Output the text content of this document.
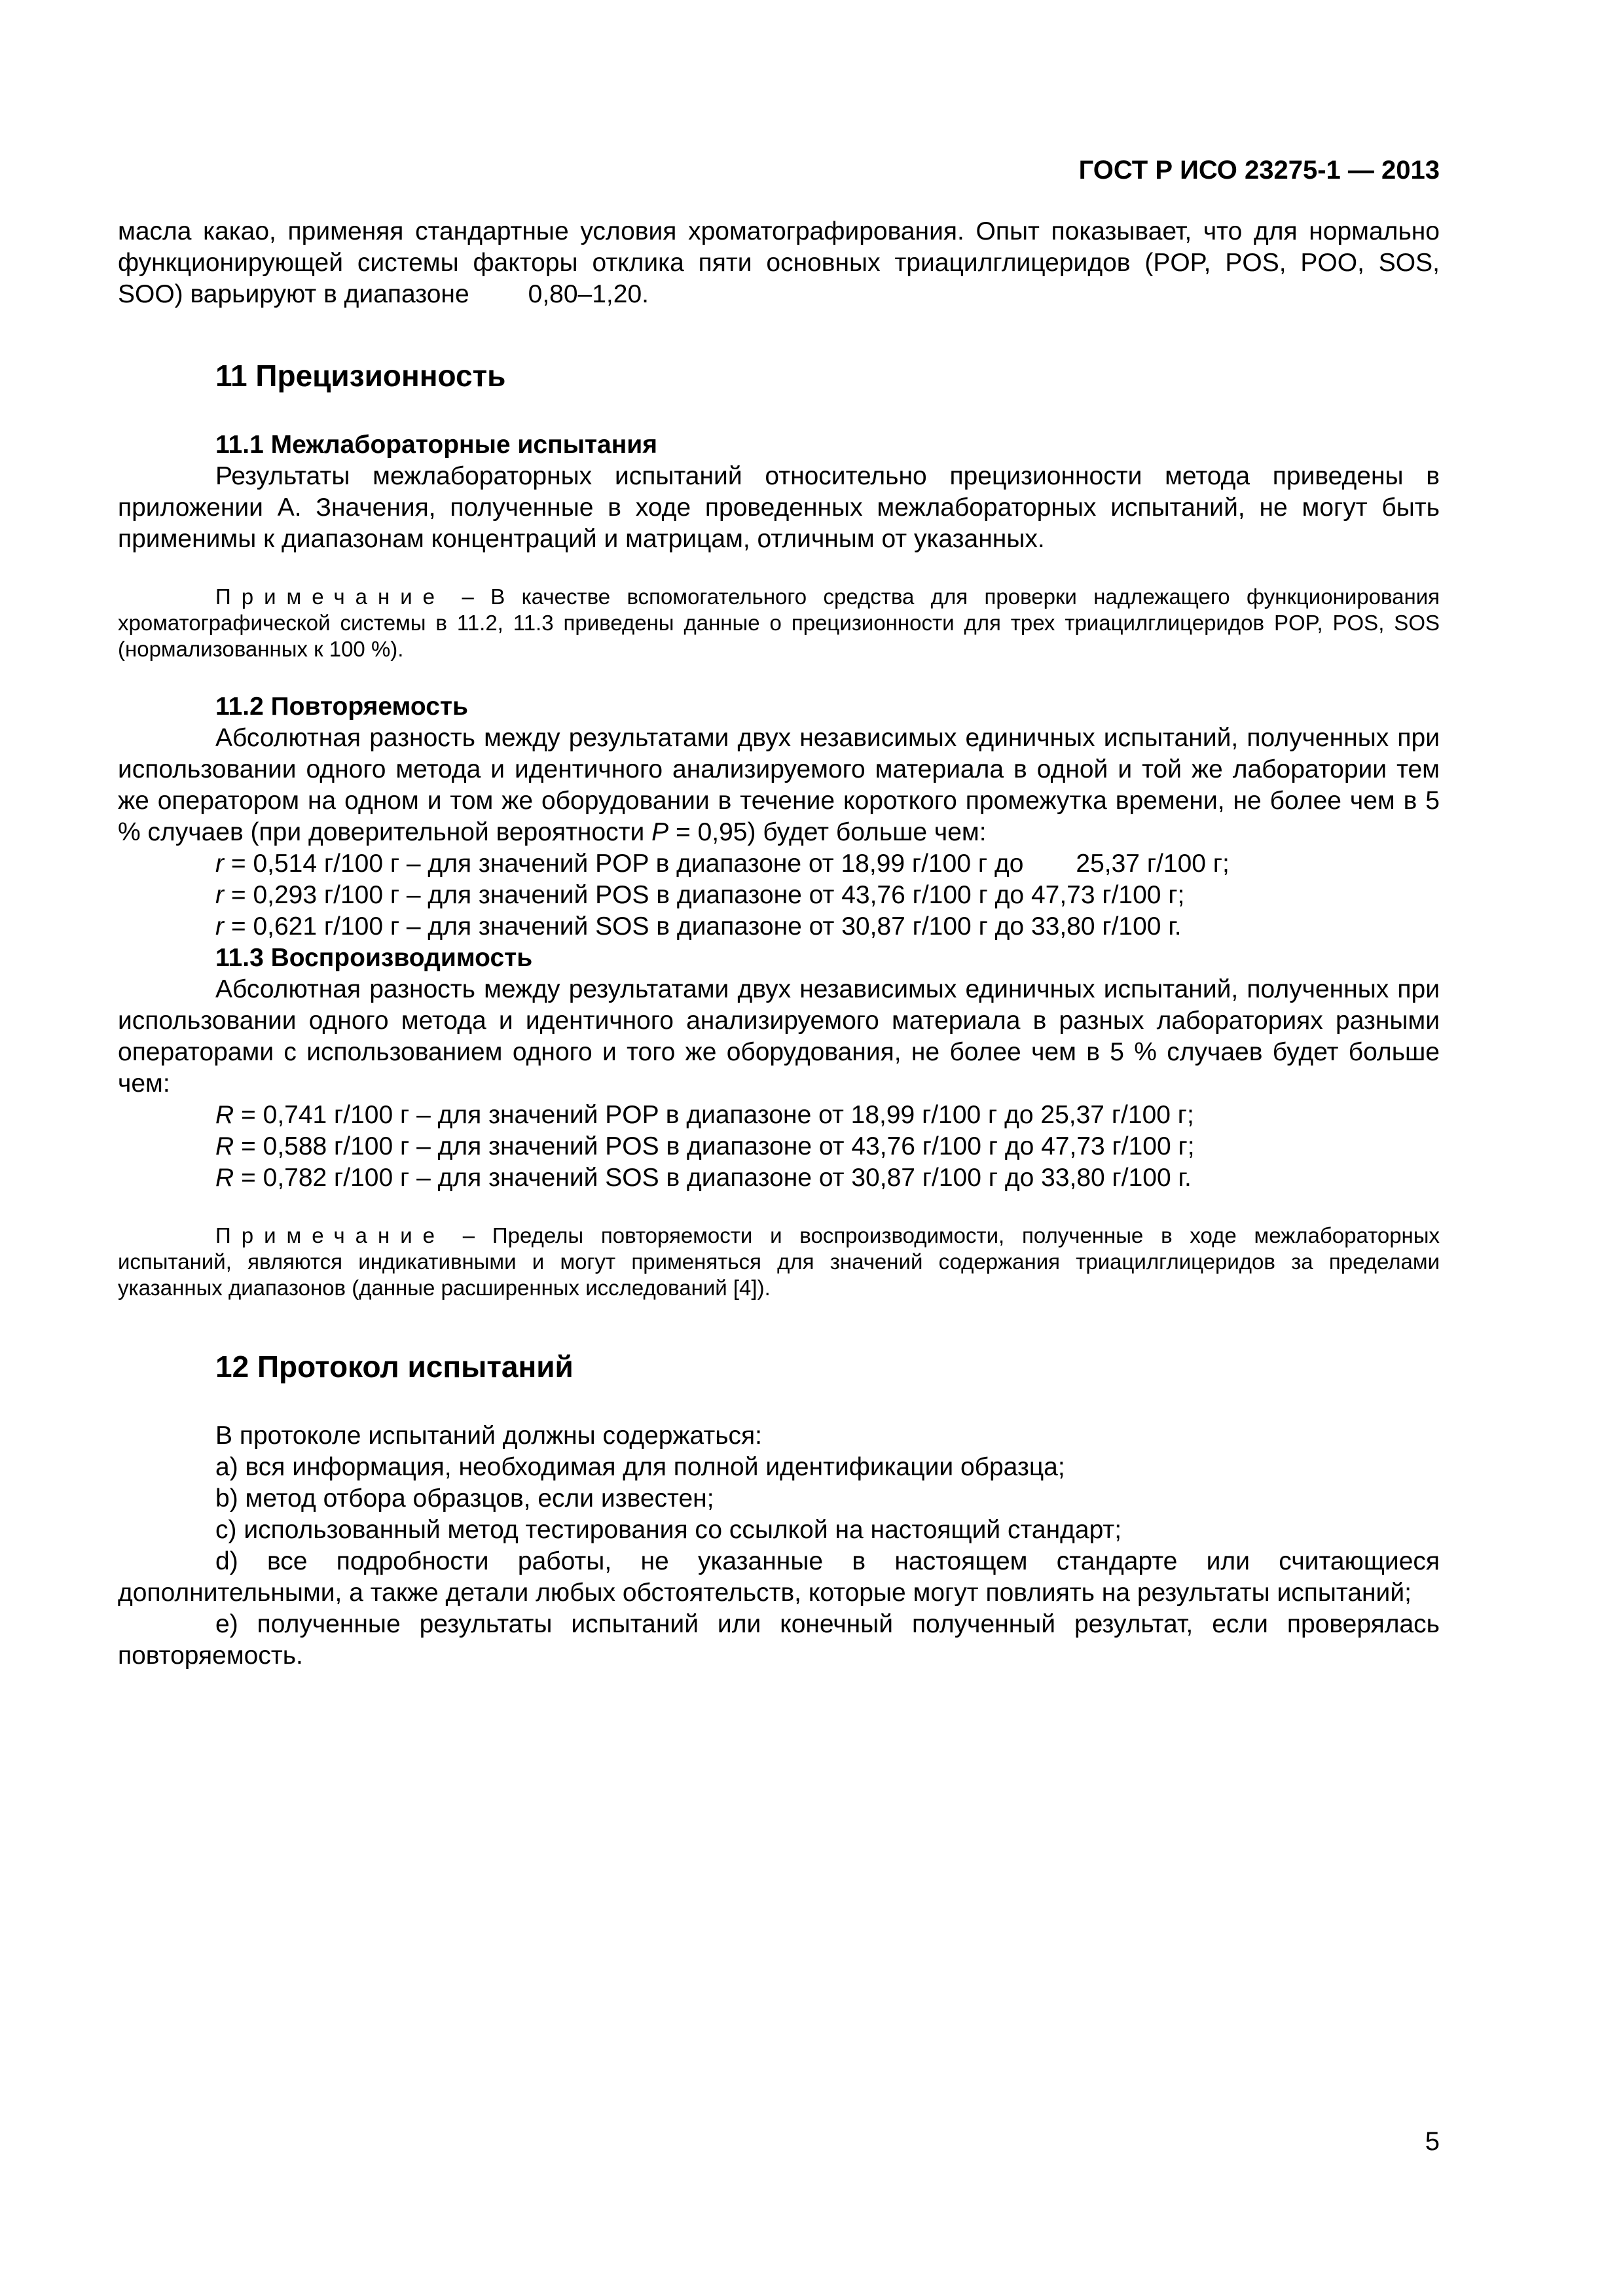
ГОСТ Р ИСО 23275-1 — 2013

масла какао, применяя стандартные условия хроматографирования. Опыт показывает, что для нормально функционирующей системы факторы отклика пяти основных триацилглицеридов (POP, POS, POO, SOS, SOO) варьируют в диапазоне 0,80–1,20.

11 Прецизионность

11.1 Межлабораторные испытания

Результаты межлабораторных испытаний относительно прецизионности метода приведены в приложении А. Значения, полученные в ходе проведенных межлабораторных испытаний, не могут быть применимы к диапазонам концентраций и матрицам, отличным от указанных.

Примечание – В качестве вспомогательного средства для проверки надлежащего функционирования хроматографической системы в 11.2, 11.3 приведены данные о прецизионности для трех триацилглицеридов POP, POS, SOS (нормализованных к 100 %).

11.2 Повторяемость

Абсолютная разность между результатами двух независимых единичных испытаний, полученных при использовании одного метода и идентичного анализируемого материала в одной и той же лаборатории тем же оператором на одном и том же оборудовании в течение короткого промежутка времени, не более чем в 5 % случаев (при доверительной вероятности P = 0,95) будет больше чем:

r = 0,514 г/100 г – для значений POP в диапазоне от 18,99 г/100 г до 25,37 г/100 г;

r = 0,293 г/100 г – для значений POS в диапазоне от 43,76 г/100 г до 47,73 г/100 г;

r = 0,621 г/100 г – для значений SOS в диапазоне от 30,87 г/100 г до 33,80 г/100 г.

11.3 Воспроизводимость

Абсолютная разность между результатами двух независимых единичных испытаний, полученных при использовании одного метода и идентичного анализируемого материала в разных лабораториях разными операторами с использованием одного и того же оборудования, не более чем в 5 % случаев будет больше чем:

R = 0,741 г/100 г – для значений POP в диапазоне от 18,99 г/100 г до 25,37 г/100 г;

R = 0,588 г/100 г – для значений POS в диапазоне от 43,76 г/100 г до 47,73 г/100 г;

R = 0,782 г/100 г – для значений SOS в диапазоне от 30,87 г/100 г до 33,80 г/100 г.

Примечание – Пределы повторяемости и воспроизводимости, полученные в ходе межлабораторных испытаний, являются индикативными и могут применяться для значений содержания триацилглицеридов за пределами указанных диапазонов (данные расширенных исследований [4]).

12 Протокол испытаний

В протоколе испытаний должны содержаться:

а) вся информация, необходимая для полной идентификации образца;

b) метод отбора образцов, если известен;

c) использованный метод тестирования со ссылкой на настоящий стандарт;

d) все подробности работы, не указанные в настоящем стандарте или считающиеся дополнительными, а также детали любых обстоятельств, которые могут повлиять на результаты испытаний;

е) полученные результаты испытаний или конечный полученный результат, если проверялась повторяемость.

5
